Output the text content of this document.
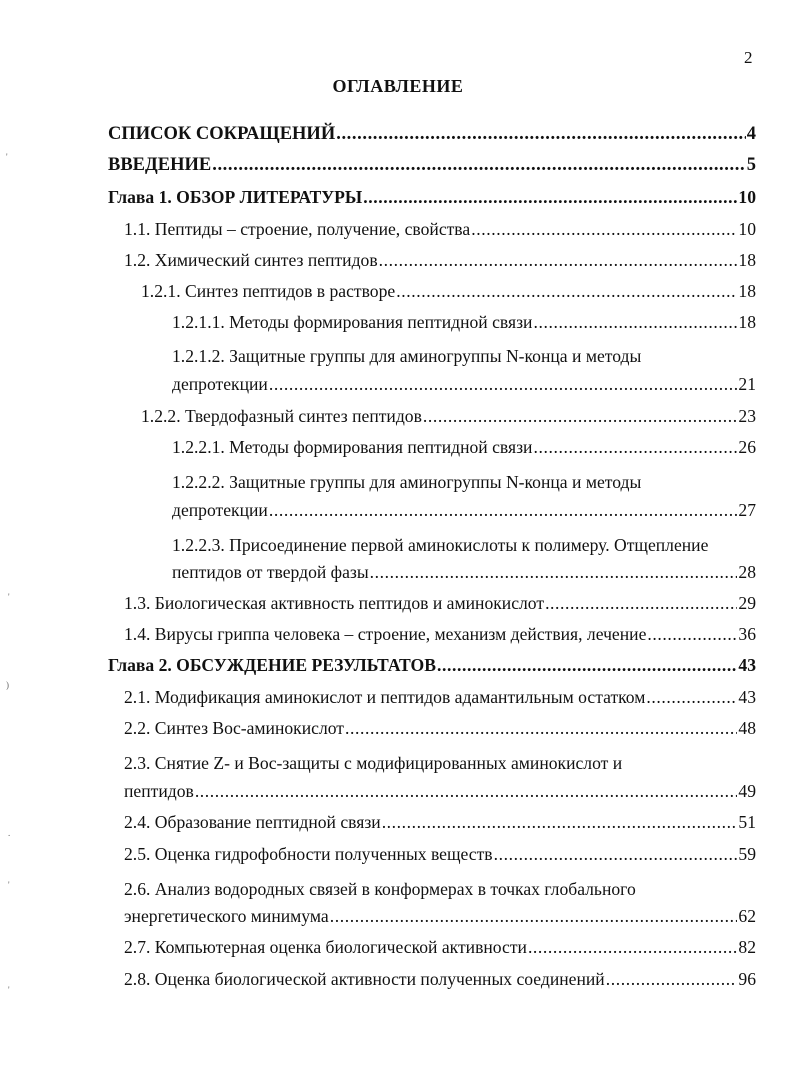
2
ОГЛАВЛЕНИЕ
СПИСОК СОКРАЩЕНИЙ .....	4
ВВЕДЕНИЕ .....	5
Глава 1. ОБЗОР ЛИТЕРАТУРЫ .....	10
1.1. Пептиды – строение, получение, свойства .....	10
1.2. Химический синтез пептидов .....	18
1.2.1. Синтез пептидов в растворе .....	18
1.2.1.1. Методы формирования пептидной связи .....	18
1.2.1.2. Защитные группы для аминогруппы N-конца и методы
депротекции .....	21
1.2.2. Твердофазный синтез пептидов .....	23
1.2.2.1. Методы формирования пептидной связи .....	26
1.2.2.2. Защитные группы для аминогруппы N-конца и методы
депротекции .....	27
1.2.2.3. Присоединение первой аминокислоты к полимеру. Отщепление
пептидов от твердой фазы .....	28
1.3. Биологическая активность пептидов и аминокислот .....	29
1.4. Вирусы гриппа человека – строение, механизм действия, лечение .....	36
Глава 2. ОБСУЖДЕНИЕ РЕЗУЛЬТАТОВ .....	43
2.1. Модификация аминокислот и пептидов адамантильным остатком .....	43
2.2. Синтез Boc-аминокислот .....	48
2.3. Снятие Z- и Boc-защиты с модифицированных аминокислот и
пептидов .....	49
2.4. Образование пептидной связи .....	51
2.5. Оценка гидрофобности полученных веществ .....	59
2.6. Анализ водородных связей в конформерах в точках глобального
энергетического минимума .....	62
2.7. Компьютерная оценка биологической активности .....	82
2.8. Оценка биологической активности полученных соединений .....	96
'
'
)
.
'
'
